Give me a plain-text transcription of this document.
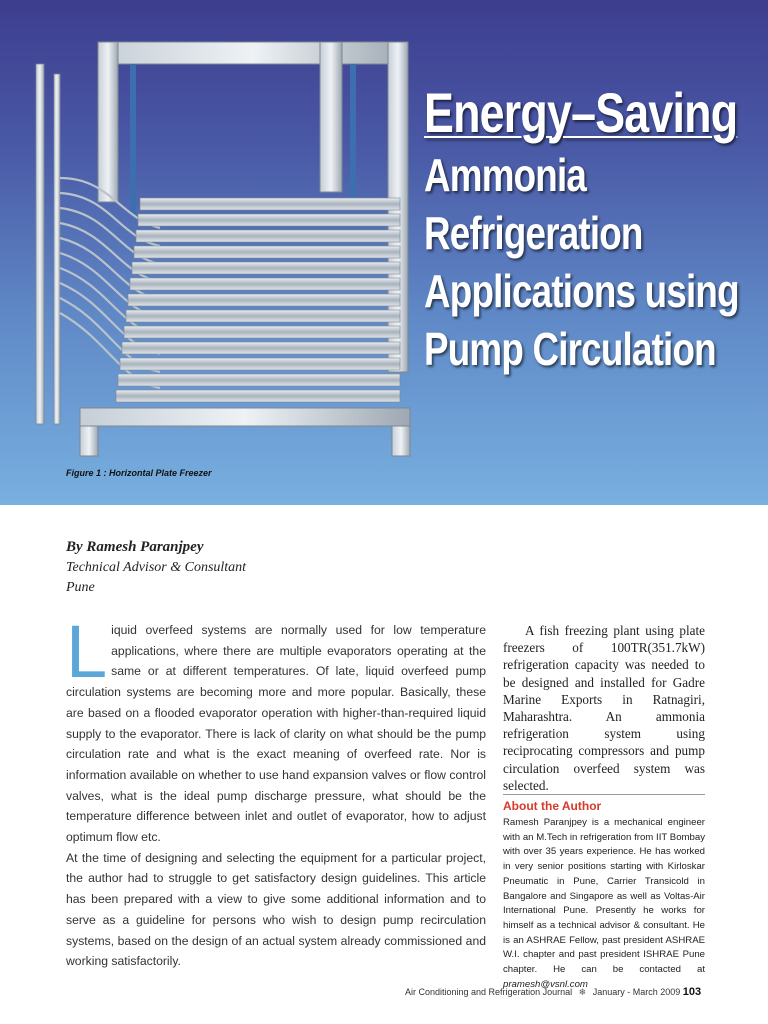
Energy–Saving
Ammonia
Refrigeration
Applications using
Pump Circulation
Figure 1 : Horizontal Plate Freezer
By Ramesh Paranjpey
Technical Advisor & Consultant
Pune

Liquid overfeed systems are normally used for low temperature applications, where there are multiple evaporators operating at the same or at different temperatures. Of late, liquid overfeed pump circulation systems are becoming more and more popular. Basically, these are based on a flooded evaporator operation with higher-than-required liquid supply to the evaporator. There is lack of clarity on what should be the pump circulation rate and what is the exact meaning of overfeed rate. Nor is information available on whether to use hand expansion valves or flow control valves, what is the ideal pump discharge pressure, what should be the temperature difference between inlet and outlet of evaporator, how to adjust optimum flow etc.

At the time of designing and selecting the equipment for a particular project, the author had to struggle to get satisfactory design guidelines. This article has been prepared with a view to give some additional information and to serve as a guideline for persons who wish to design pump recirculation systems, based on the design of an actual system already commissioned and working satisfactorily.

A fish freezing plant using plate freezers of 100TR(351.7kW) refrigeration capacity was needed to be designed and installed for Gadre Marine Exports in Ratnagiri, Maharashtra. An ammonia refrigeration system using reciprocating compressors and pump circulation overfeed system was selected.

About the Author

Ramesh Paranjpey is a mechanical engineer with an M.Tech in refrigeration from IIT Bombay with over 35 years experience. He has worked in very senior positions starting with Kirloskar Pneumatic in Pune, Carrier Transicold in Bangalore and Singapore as well as Voltas-Air International Pune. Presently he works for himself as a technical advisor & consultant. He is an ASHRAE Fellow, past president ASHRAE W.I. chapter and past president ISHRAE Pune chapter. He can be contacted at pramesh@vsnl.com

Air Conditioning and Refrigeration Journal ❄ January - March 2009 103
